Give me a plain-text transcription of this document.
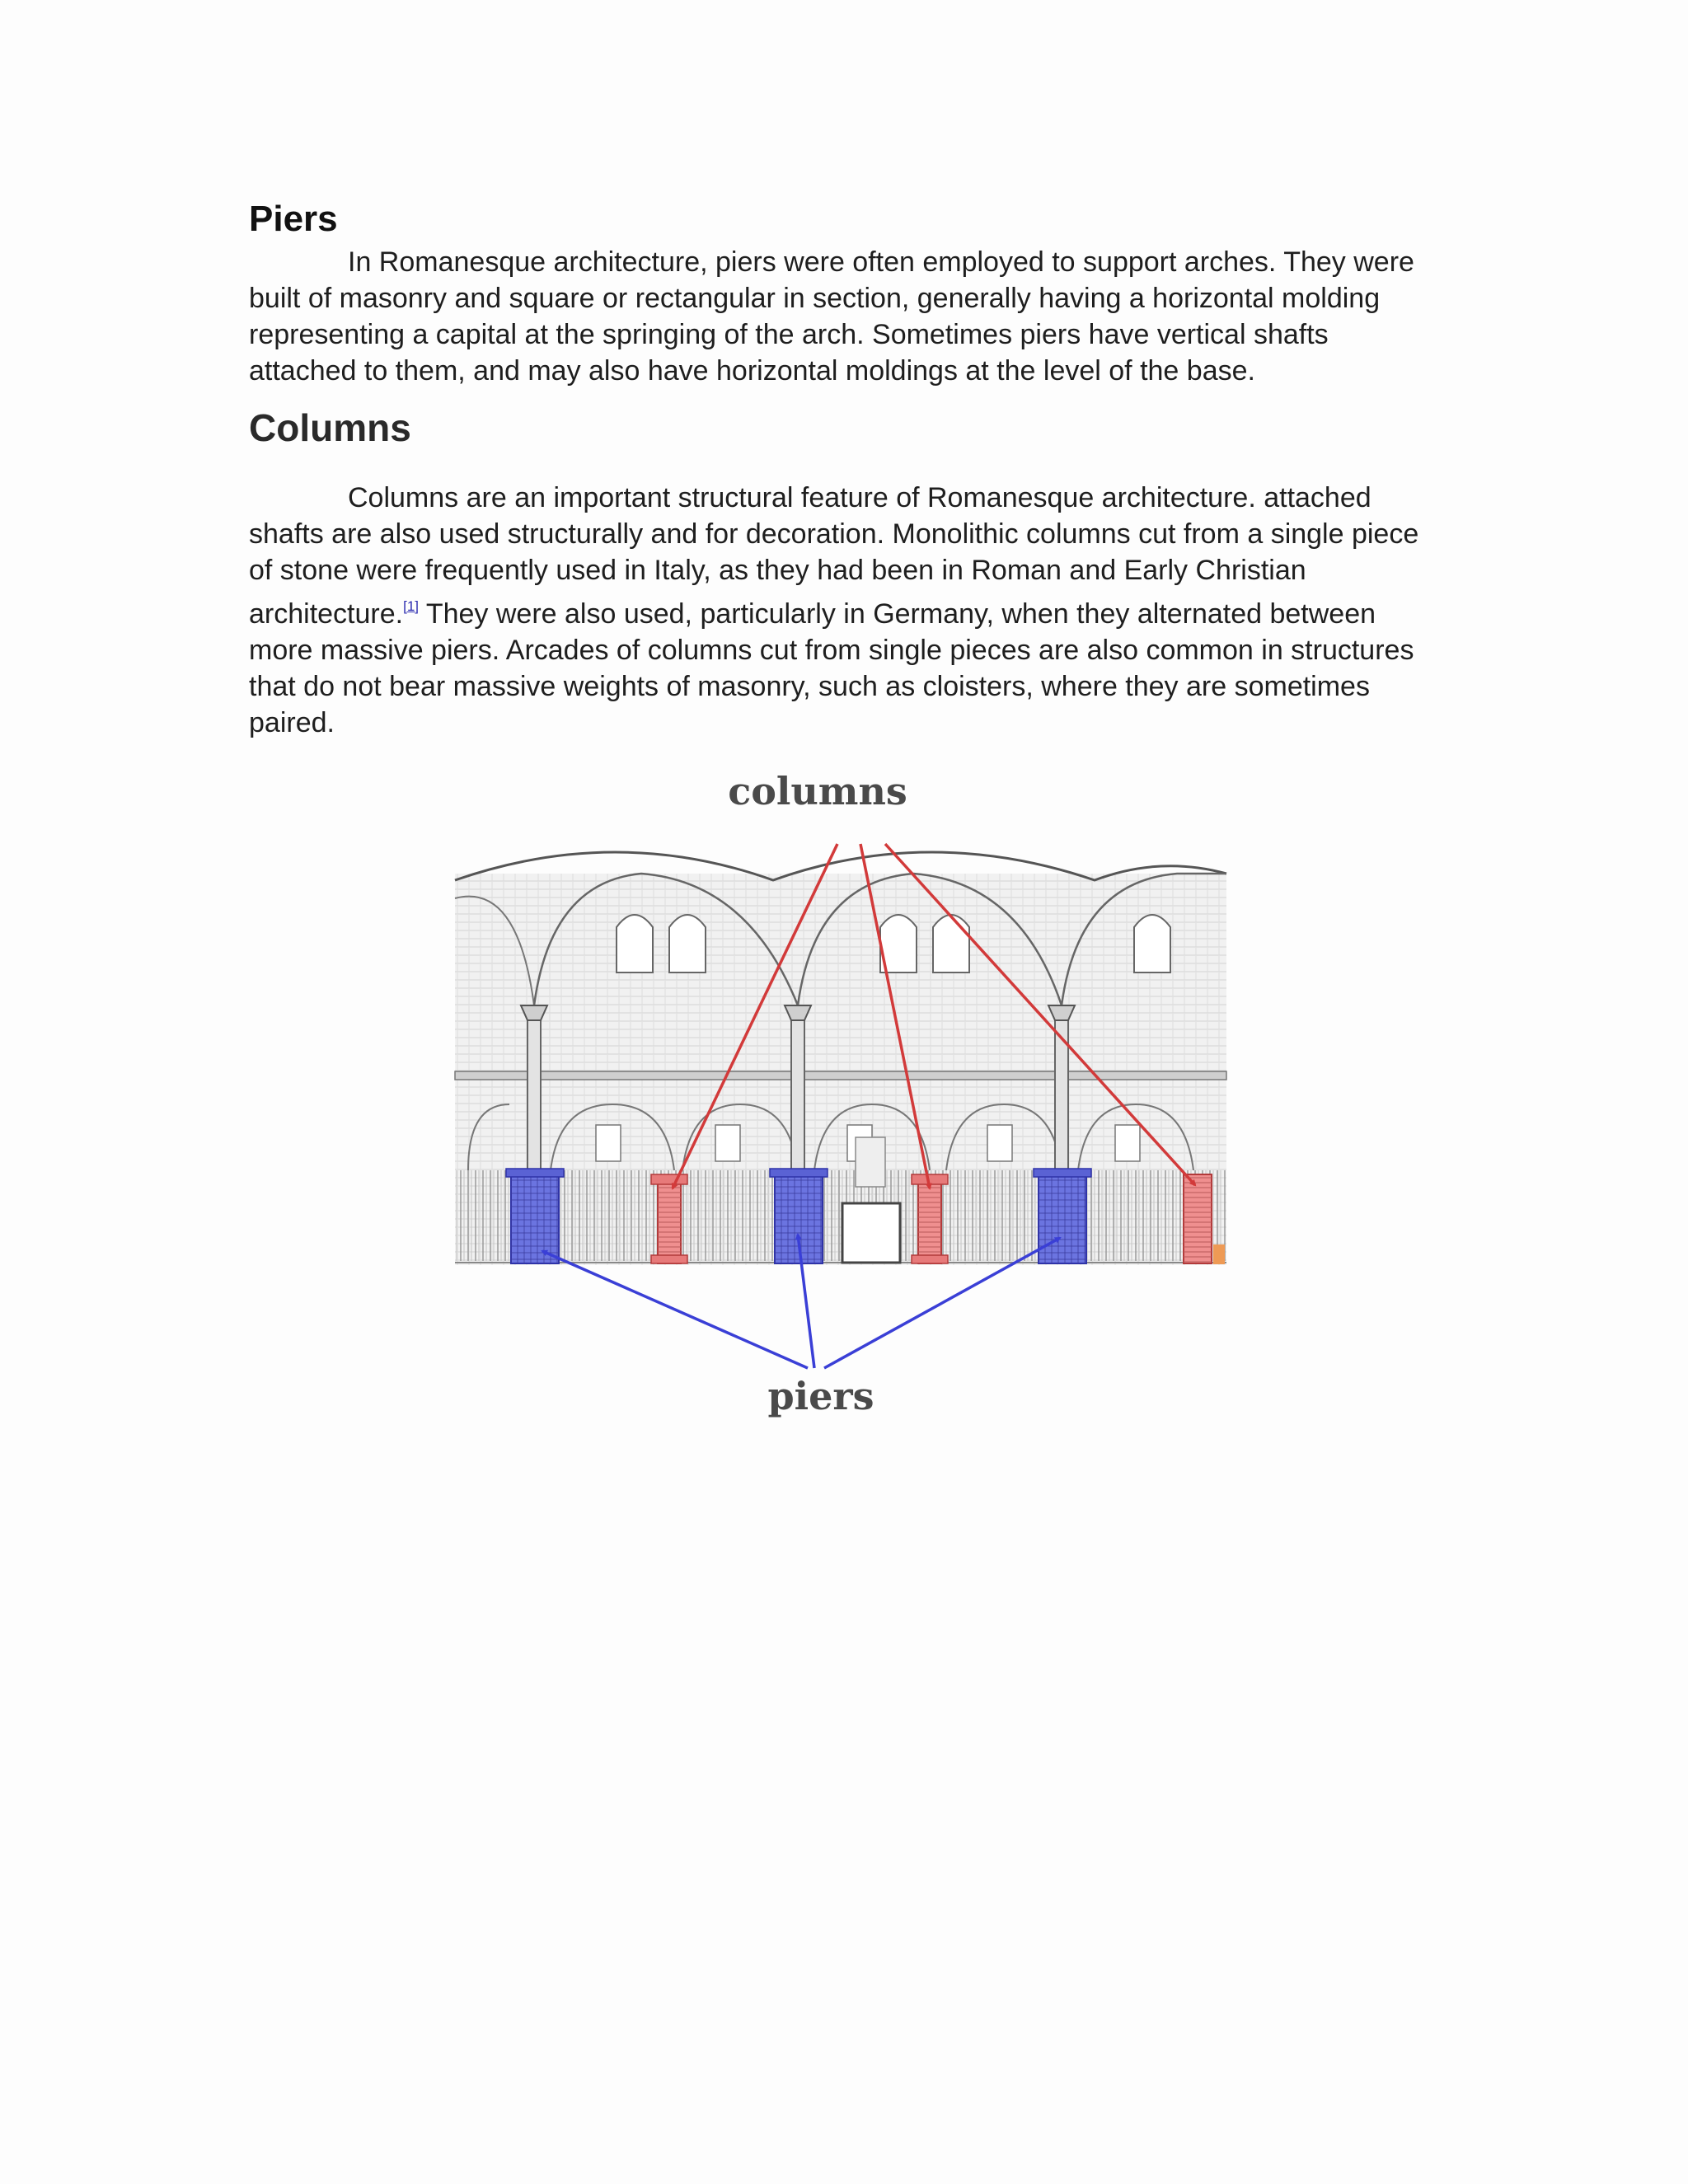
Piers

In Romanesque architecture, piers were often employed to support arches. They were built of masonry and square or rectangular in section, generally having a horizontal molding representing a capital at the springing of the arch. Sometimes piers have vertical shafts attached to them, and may also have horizontal moldings at the level of the base.

Columns

Columns are an important structural feature of Romanesque architecture. attached shafts are also used structurally and for decoration. Monolithic columns cut from a single piece of stone were frequently used in Italy, as they had been in Roman and Early Christian architecture.[1] They were also used, particularly in Germany, when they alternated between more massive piers. Arcades of columns cut from single pieces are also common in structures that do not bear massive weights of masonry, such as cloisters, where they are sometimes paired.

columns
piers
